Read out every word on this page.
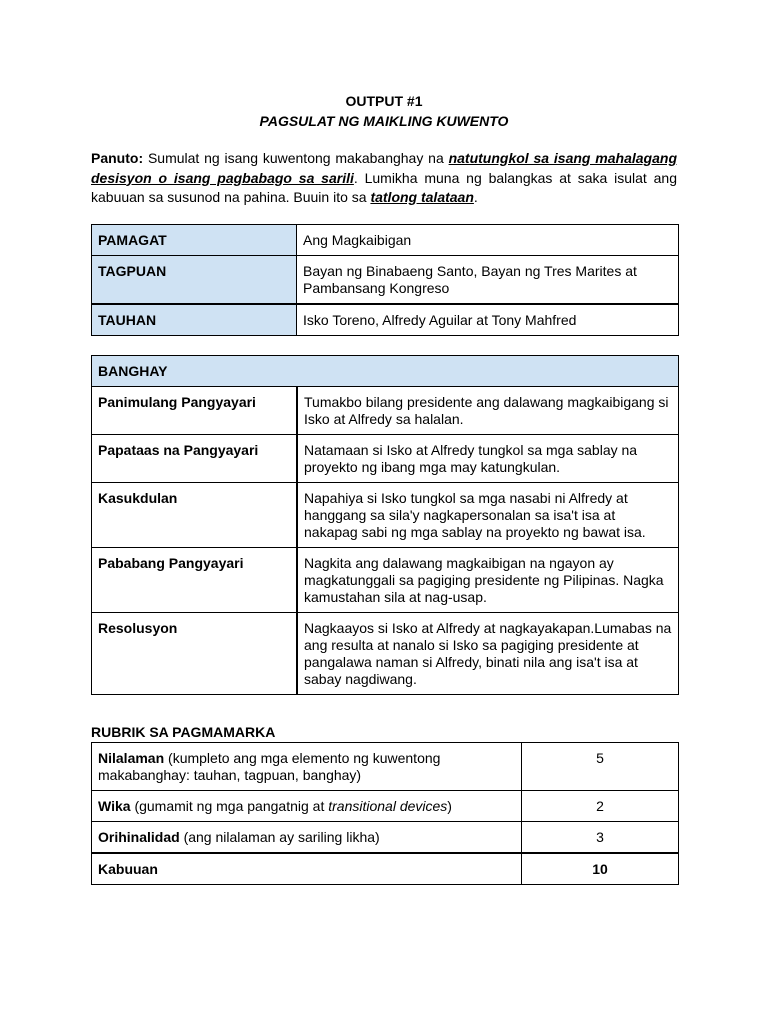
OUTPUT #1
PAGSULAT NG MAIKLING KUWENTO
Panuto: Sumulat ng isang kuwentong makabanghay na natutungkol sa isang mahalagang desisyon o isang pagbabago sa sarili. Lumikha muna ng balangkas at saka isulat ang kabuuan sa susunod na pahina. Buuin ito sa tatlong talataan.
PAMAGAT	Ang Magkaibigan
TAGPUAN	Bayan ng Binabaeng Santo, Bayan ng Tres Marites at Pambansang Kongreso
TAUHAN	Isko Toreno, Alfredy Aguilar at Tony Mahfred
BANGHAY	
Panimulang Pangyayari	Tumakbo bilang presidente ang dalawang magkaibigang si Isko at Alfredy sa halalan.
Papataas na Pangyayari	Natamaan si Isko at Alfredy tungkol sa mga sablay na proyekto ng ibang mga may katungkulan.
Kasukdulan	Napahiya si Isko tungkol sa mga nasabi ni Alfredy at hanggang sa sila'y nagkapersonalan sa isa't isa at nakapag sabi ng mga sablay na proyekto ng bawat isa.
Pababang Pangyayari	Nagkita ang dalawang magkaibigan na ngayon ay magkatunggali sa pagiging presidente ng Pilipinas. Nagka kamustahan sila at nag-usap.
Resolusyon	Nagkaayos si Isko at Alfredy at nagkayakapan.Lumabas na ang resulta at nanalo si Isko sa pagiging presidente at pangalawa naman si Alfredy, binati nila ang isa't isa at sabay nagdiwang.
RUBRIK SA PAGMAMARKA
Nilalaman (kumpleto ang mga elemento ng kuwentong makabanghay: tauhan, tagpuan, banghay)	5
Wika (gumamit ng mga pangatnig at transitional devices)	2
Orihinalidad (ang nilalaman ay sariling likha)	3
Kabuuan	10
